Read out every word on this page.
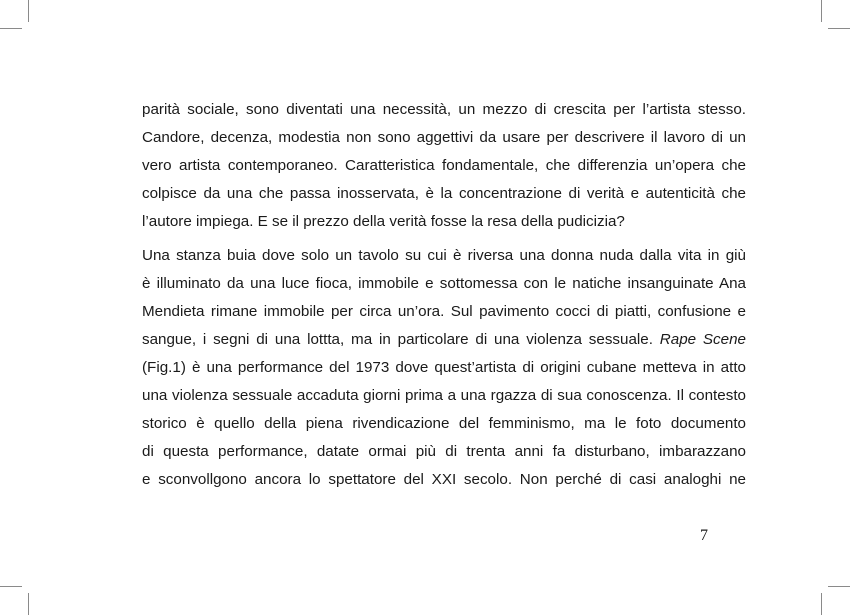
parità sociale, sono diventati una necessità, un mezzo di crescita per l’artista stesso.
Candore, decenza, modestia non sono aggettivi da usare per descrivere il lavoro di un
vero artista contemporaneo. Caratteristica fondamentale, che differenzia un’opera che
colpisce da una che passa inosservata, è la concentrazione di verità e autenticità che
l’autore impiega. E se il prezzo della verità fosse la resa della pudicizia?
Una stanza buia dove solo un tavolo su cui è riversa una donna nuda dalla vita in giù
è illuminato da una luce fioca, immobile e sottomessa con le natiche insanguinate Ana
Mendieta rimane immobile per circa un’ora. Sul pavimento cocci di piatti, confusione e
sangue, i segni di una lottta, ma in particolare di una violenza sessuale. Rape Scene
(Fig.1) è una performance del 1973 dove quest’artista di origini cubane metteva in atto
una violenza sessuale accaduta giorni prima a una rgazza di sua conoscenza. Il contesto
storico è quello della piena rivendicazione del femminismo, ma le foto documento
di questa performance, datate ormai più di trenta anni fa disturbano, imbarazzano
e sconvollgono ancora lo spettatore del XXI secolo. Non perché di casi analoghi ne
7
